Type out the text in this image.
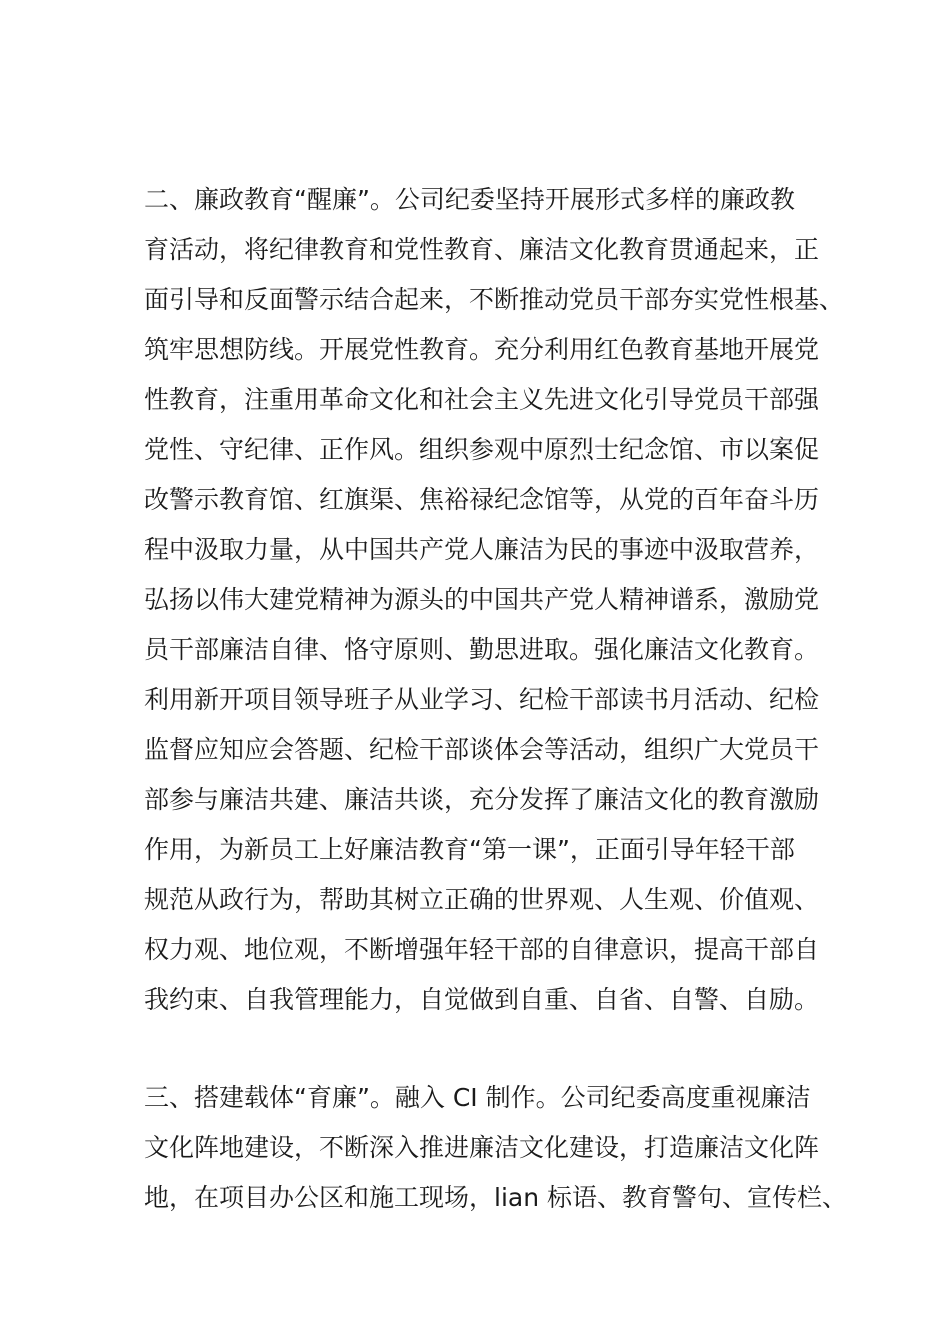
二、廉政教育“醒廉”。公司纪委坚持开展形式多样的廉政教
育活动，将纪律教育和党性教育、廉洁文化教育贯通起来，正
面引导和反面警示结合起来，不断推动党员干部夯实党性根基、
筑牢思想防线。开展党性教育。充分利用红色教育基地开展党
性教育，注重用革命文化和社会主义先进文化引导党员干部强
党性、守纪律、正作风。组织参观中原烈士纪念馆、市以案促
改警示教育馆、红旗渠、焦裕禄纪念馆等，从党的百年奋斗历
程中汲取力量，从中国共产党人廉洁为民的事迹中汲取营养，
弘扬以伟大建党精神为源头的中国共产党人精神谱系，激励党
员干部廉洁自律、恪守原则、勤思进取。强化廉洁文化教育。
利用新开项目领导班子从业学习、纪检干部读书月活动、纪检
监督应知应会答题、纪检干部谈体会等活动，组织广大党员干
部参与廉洁共建、廉洁共谈，充分发挥了廉洁文化的教育激励
作用，为新员工上好廉洁教育“第一课”，正面引导年轻干部
规范从政行为，帮助其树立正确的世界观、人生观、价值观、
权力观、地位观，不断增强年轻干部的自律意识，提高干部自
我约束、自我管理能力，自觉做到自重、自省、自警、自励。
三、搭建载体“育廉”。融入 CI 制作。公司纪委高度重视廉洁
文化阵地建设，不断深入推进廉洁文化建设，打造廉洁文化阵
地，在项目办公区和施工现场，lian 标语、教育警句、宣传栏、
